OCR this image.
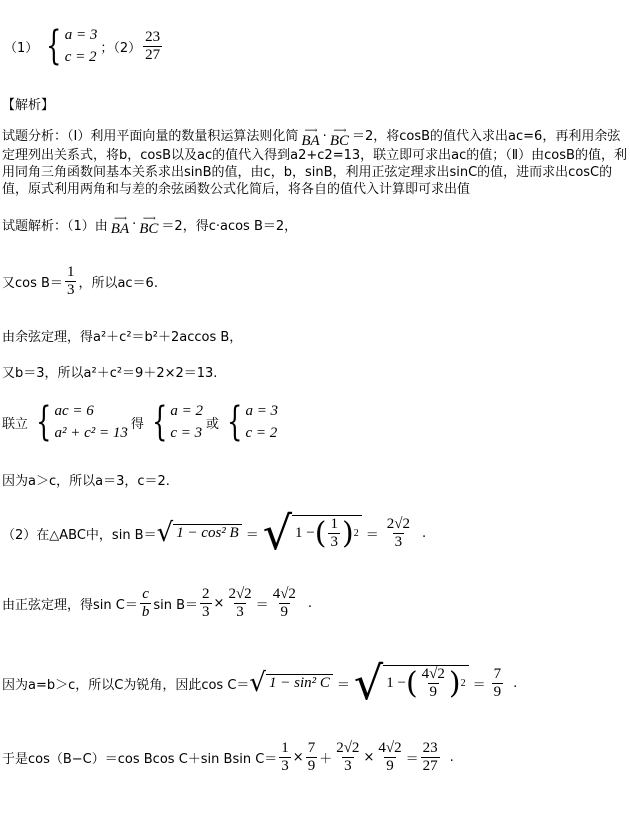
（1） { a = 3
c = 2
；$(2) \frac{23}{27}$
【解析】
试题分析：（Ⅰ）利用平面向量的数量积运算法则化简 ⟶
BA · ⟶
BC ＝2，将cosB的值代入求出ac=6，再利用余弦定理列出关系式，将b，cosB以及ac的值代入得到a2+c2=13，联立即可求出ac的值；（Ⅱ）由cosB的值，利用同角三角函数间基本关系求出sinB的值，由c，b，sinB，利用正弦定理求出sinC的值，进而求出cosC的值，原式利用两角和与差的余弦函数公式化简后，将各自的值代入计算即可求出值
试题解析：（1）由
⟶
BA · ⟶
BC ＝2，得c·acos B＝2，
又$\cos B= \frac{1}{3}$ ，所以ac＝6.
由余弦定理，得a²＋c²＝b²＋2accos B，
又b＝3，所以a²＋c²＝9＋2×2＝13.
联立 { ac = 6
a² + c² = 13
得 { a = 2
c = 3
或 { a = 3
c = 2
因为a＞c，所以a＝3，c＝2.
（2）在△ABC中，sin B＝ √ 1 − cos² B ＝ √ 1 − ( $\frac{1}{3}$ ) $2 = \frac{2√2}{3}$ .
由正弦定理，得$\sin C= \frac{c}{b}$ $\sin B= \frac{2}{3} \times \frac{2√2}{3} = \frac{4√2}{9}$ .
因为a=b＞c，所以C为锐角，因此cos C＝ √ 1 − sin² C ＝ √ 1 − ( $\frac{4√2}{9}$ ) $2 = \frac{7}{9}$ .
于是cos（B−C）＝cos Bcos C＋sin Bsin $C= \frac{1}{3} \times \frac{7}{9} + \frac{2√2}{3} \times \frac{4√2}{9} = \frac{23}{27}$ .
